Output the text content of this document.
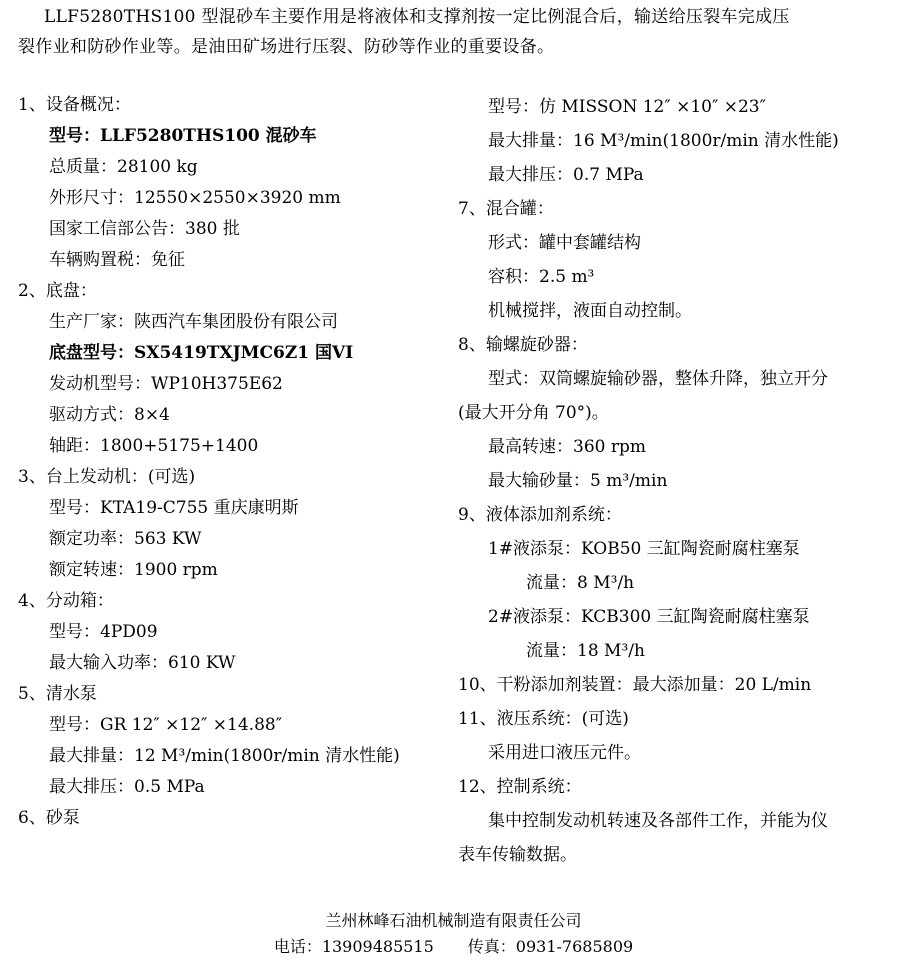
LLF5280THS100 型混砂车主要作用是将液体和支撑剂按一定比例混合后，输送给压裂车完成压
裂作业和防砂作业等。是油田矿场进行压裂、防砂等作业的重要设备。
1、设备概况：
型号：LLF5280THS100 混砂车
总质量：28100 kg
外形尺寸：12550×2550×3920 mm
国家工信部公告：380 批
车辆购置税：免征
2、底盘：
生产厂家：陕西汽车集团股份有限公司
底盘型号：SX5419TXJMC6Z1 国VI
发动机型号：WP10H375E62
驱动方式：8×4
轴距：1800+5175+1400
3、台上发动机：(可选)
型号：KTA19-C755 重庆康明斯
额定功率：563 KW
额定转速：1900 rpm
4、分动箱：
型号：4PD09
最大输入功率：610 KW
5、清水泵
型号：GR 12″ ×12″ ×14.88″
最大排量：12 M³/min(1800r/min 清水性能)
最大排压：0.5 MPa
6、砂泵
型号：仿 MISSON 12″ ×10″ ×23″
最大排量：16 M³/min(1800r/min 清水性能)
最大排压：0.7 MPa
7、混合罐：
形式：罐中套罐结构
容积：2.5 m³
机械搅拌，液面自动控制。
8、输螺旋砂器：
型式：双筒螺旋输砂器，整体升降，独立开分
(最大开分角 70°)。
最高转速：360 rpm
最大输砂量：5 m³/min
9、液体添加剂系统：
1#液添泵：KOB50 三缸陶瓷耐腐柱塞泵
流量：8 M³/h
2#液添泵：KCB300 三缸陶瓷耐腐柱塞泵
流量：18 M³/h
10、干粉添加剂装置：最大添加量：20 L/min
11、液压系统：(可选)
采用进口液压元件。
12、控制系统：
集中控制发动机转速及各部件工作，并能为仪
表车传输数据。
兰州林峰石油机械制造有限责任公司
电话：13909485515 传真：0931-7685809
